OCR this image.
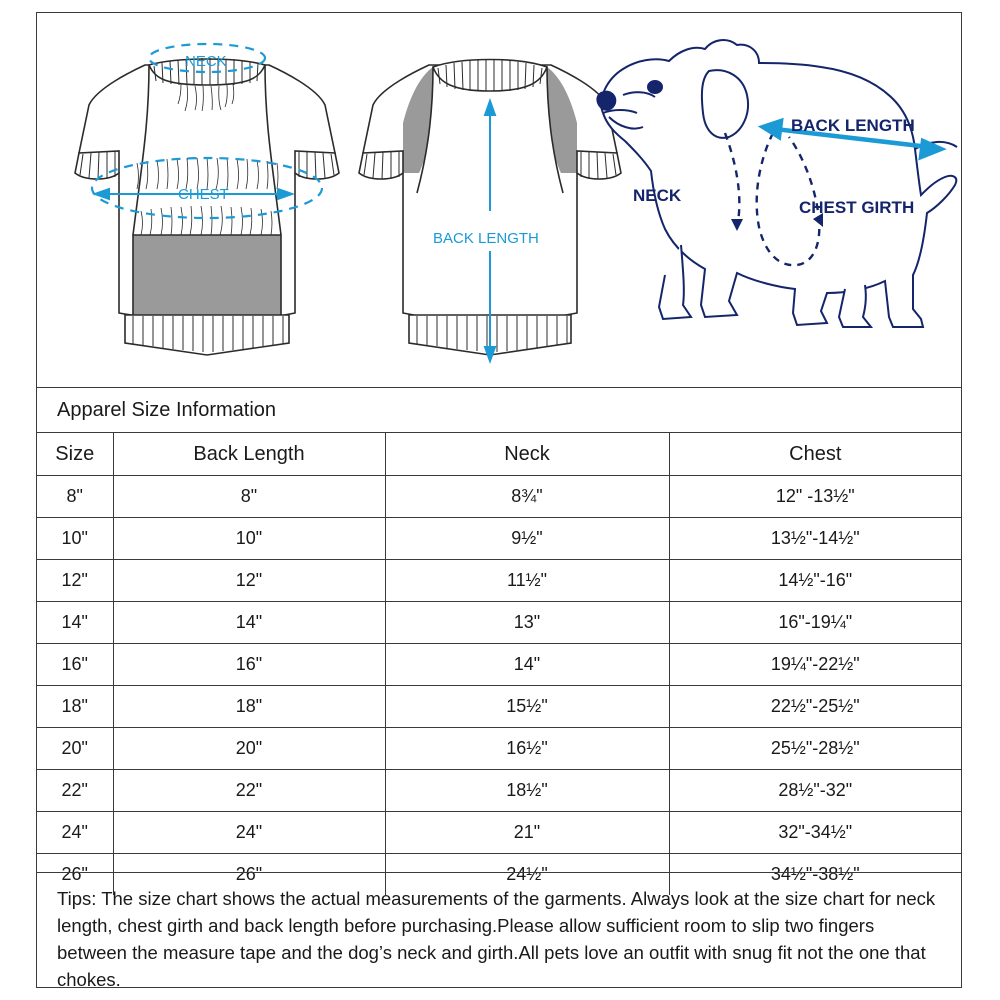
CHEST
NECK
BACK LENGTH
BACK LENGTH
NECK
CHEST GIRTH
Apparel Size Information
Size	Back Length	Neck	Chest
8"	8"	8¾"	12" -13½"
10"	10"	9½"	13½"-14½"
12"	12"	11½"	14½"-16"
14"	14"	13"	16"-19¼"
16"	16"	14"	19¼"-22½"
18"	18"	15½"	22½"-25½"
20"	20"	16½"	25½"-28½"
22"	22"	18½"	28½"-32"
24"	24"	21"	32"-34½"
26"	26"	24½"	34½"-38½"
Tips: The size chart shows the actual measurements of the garments. Always look at the size chart for neck length, chest girth and back length before purchasing.Please allow sufficient room to slip two fingers between the measure tape and the dog’s neck and girth.All pets love an outfit with snug fit not the one that chokes.
